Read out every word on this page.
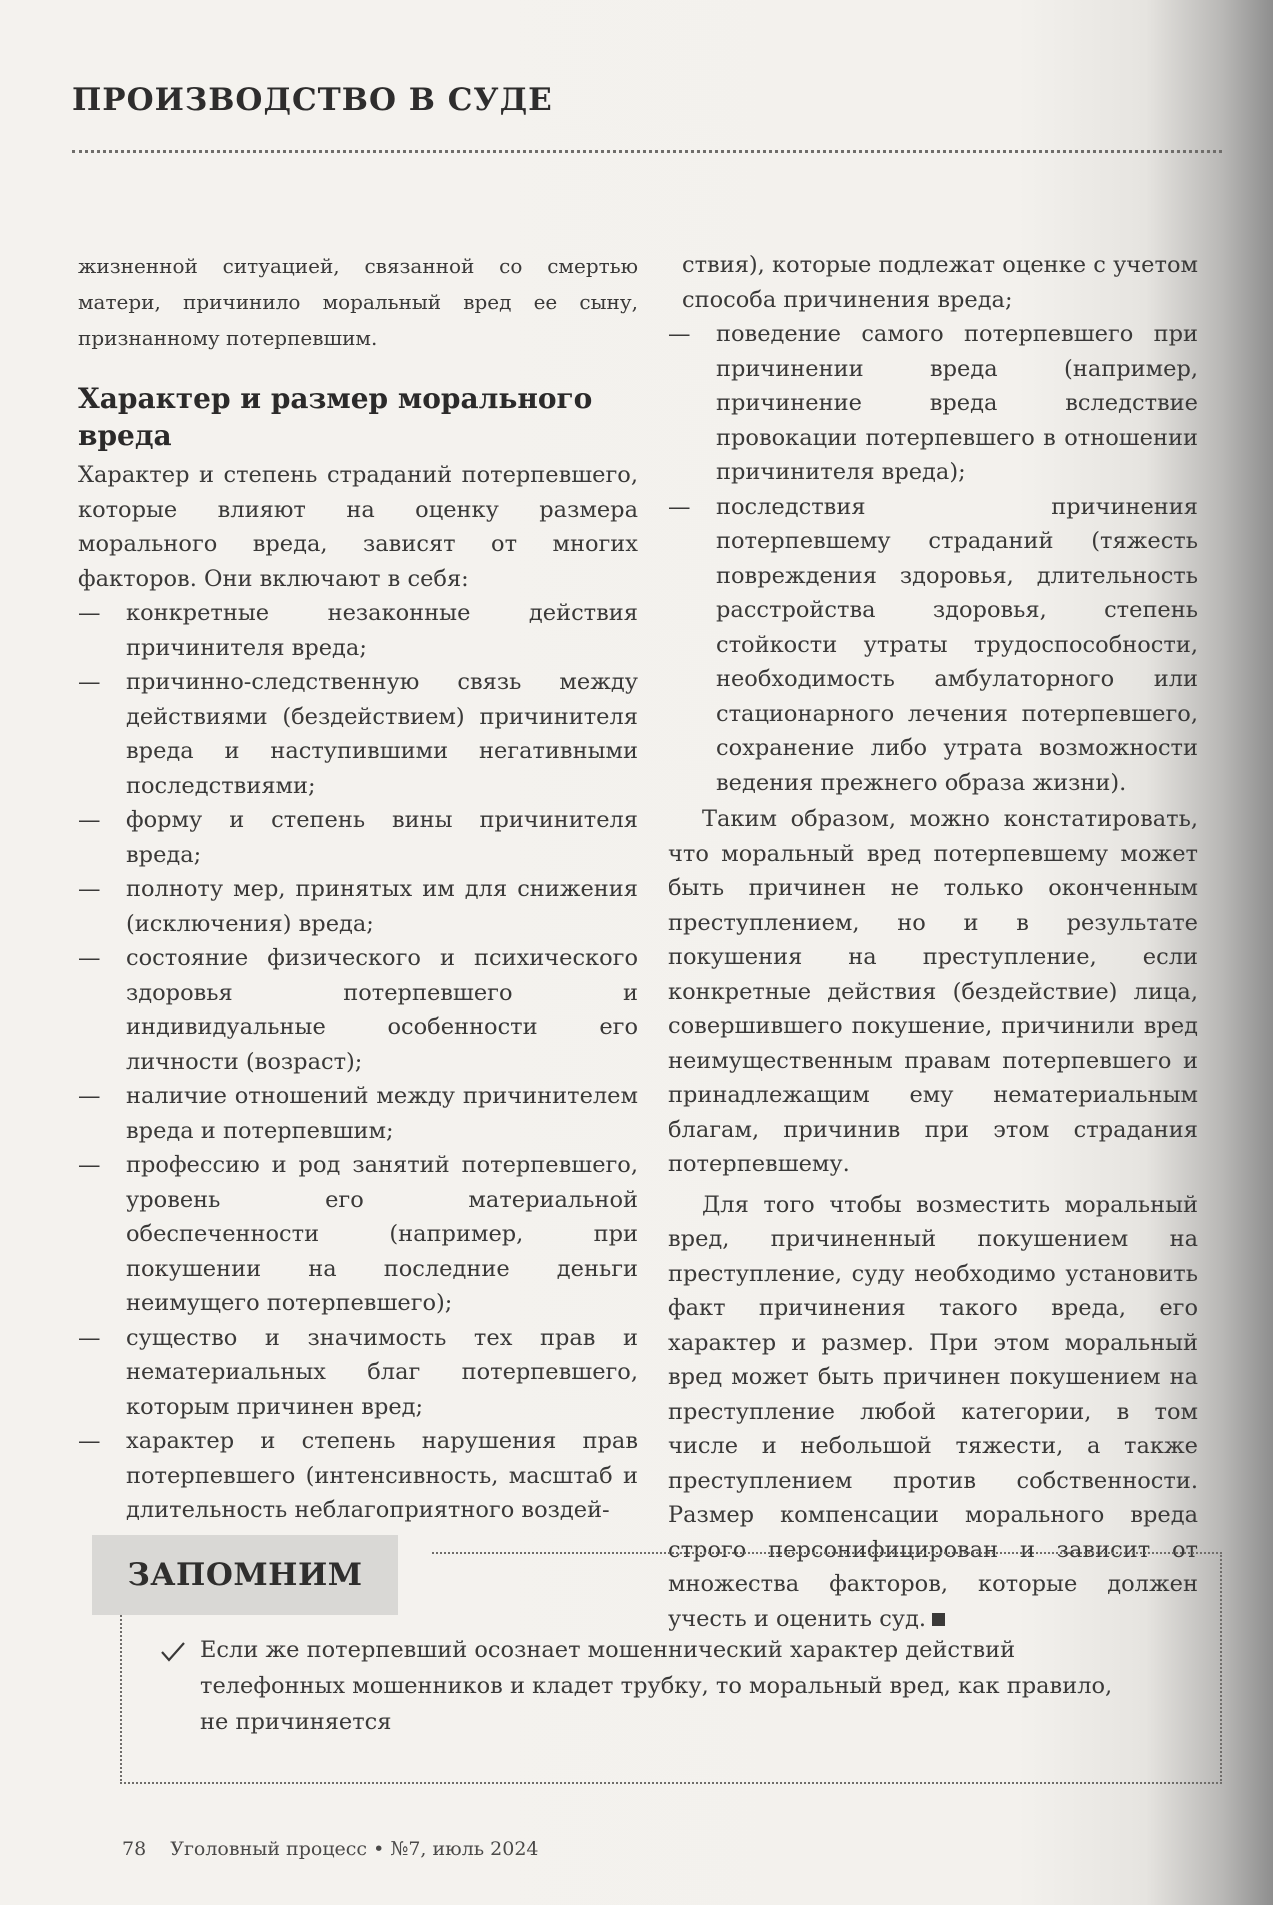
ПРОИЗВОДСТВО В СУДЕ

жизненной ситуацией, связанной со смертью матери, причинило моральный вред ее сыну, признанному потерпевшим.

Характер и размер морального вреда

Характер и степень страданий потерпевшего, которые влияют на оценку размера морального вреда, зависят от многих факторов. Они включают в себя:

— конкретные незаконные действия причинителя вреда;
— причинно-следственную связь между действиями (бездействием) причинителя вреда и наступившими негативными последствиями;
— форму и степень вины причинителя вреда;
— полноту мер, принятых им для снижения (исключения) вреда;
— состояние физического и психического здоровья потерпевшего и индивидуальные особенности его личности (возраст);
— наличие отношений между причинителем вреда и потерпевшим;
— профессию и род занятий потерпевшего, уровень его материальной обеспеченности (например, при покушении на последние деньги неимущего потерпевшего);
— существо и значимость тех прав и нематериальных благ потерпевшего, которым причинен вред;
— характер и степень нарушения прав потерпевшего (интенсивность, масштаб и длительность неблагоприятного воздей-

ствия), которые подлежат оценке с учетом способа причинения вреда;

— поведение самого потерпевшего при причинении вреда (например, причинение вреда вследствие провокации потерпевшего в отношении причинителя вреда);
— последствия причинения потерпевшему страданий (тяжесть повреждения здоровья, длительность расстройства здоровья, степень стойкости утраты трудоспособности, необходимость амбулаторного или стационарного лечения потерпевшего, сохранение либо утрата возможности ведения прежнего образа жизни).

Таким образом, можно констатировать, что моральный вред потерпевшему может быть причинен не только оконченным преступлением, но и в результате покушения на преступление, если конкретные действия (бездействие) лица, совершившего покушение, причинили вред неимущественным правам потерпевшего и принадлежащим ему нематериальным благам, причинив при этом страдания потерпевшему.

Для того чтобы возместить моральный вред, причиненный покушением на преступление, суду необходимо установить факт причинения такого вреда, его характер и размер. При этом моральный вред может быть причинен покушением на преступление любой категории, в том числе и небольшой тяжести, а также преступлением против собственности. Размер компенсации морального вреда строго персонифицирован и зависит от множества факторов, которые должен учесть и оценить суд.

ЗАПОМНИМ
Если же потерпевший осознает мошеннический характер действий телефонных мошенников и кладет трубку, то моральный вред, как правило, не причиняется
78 Уголовный процесс • №7, июль 2024
